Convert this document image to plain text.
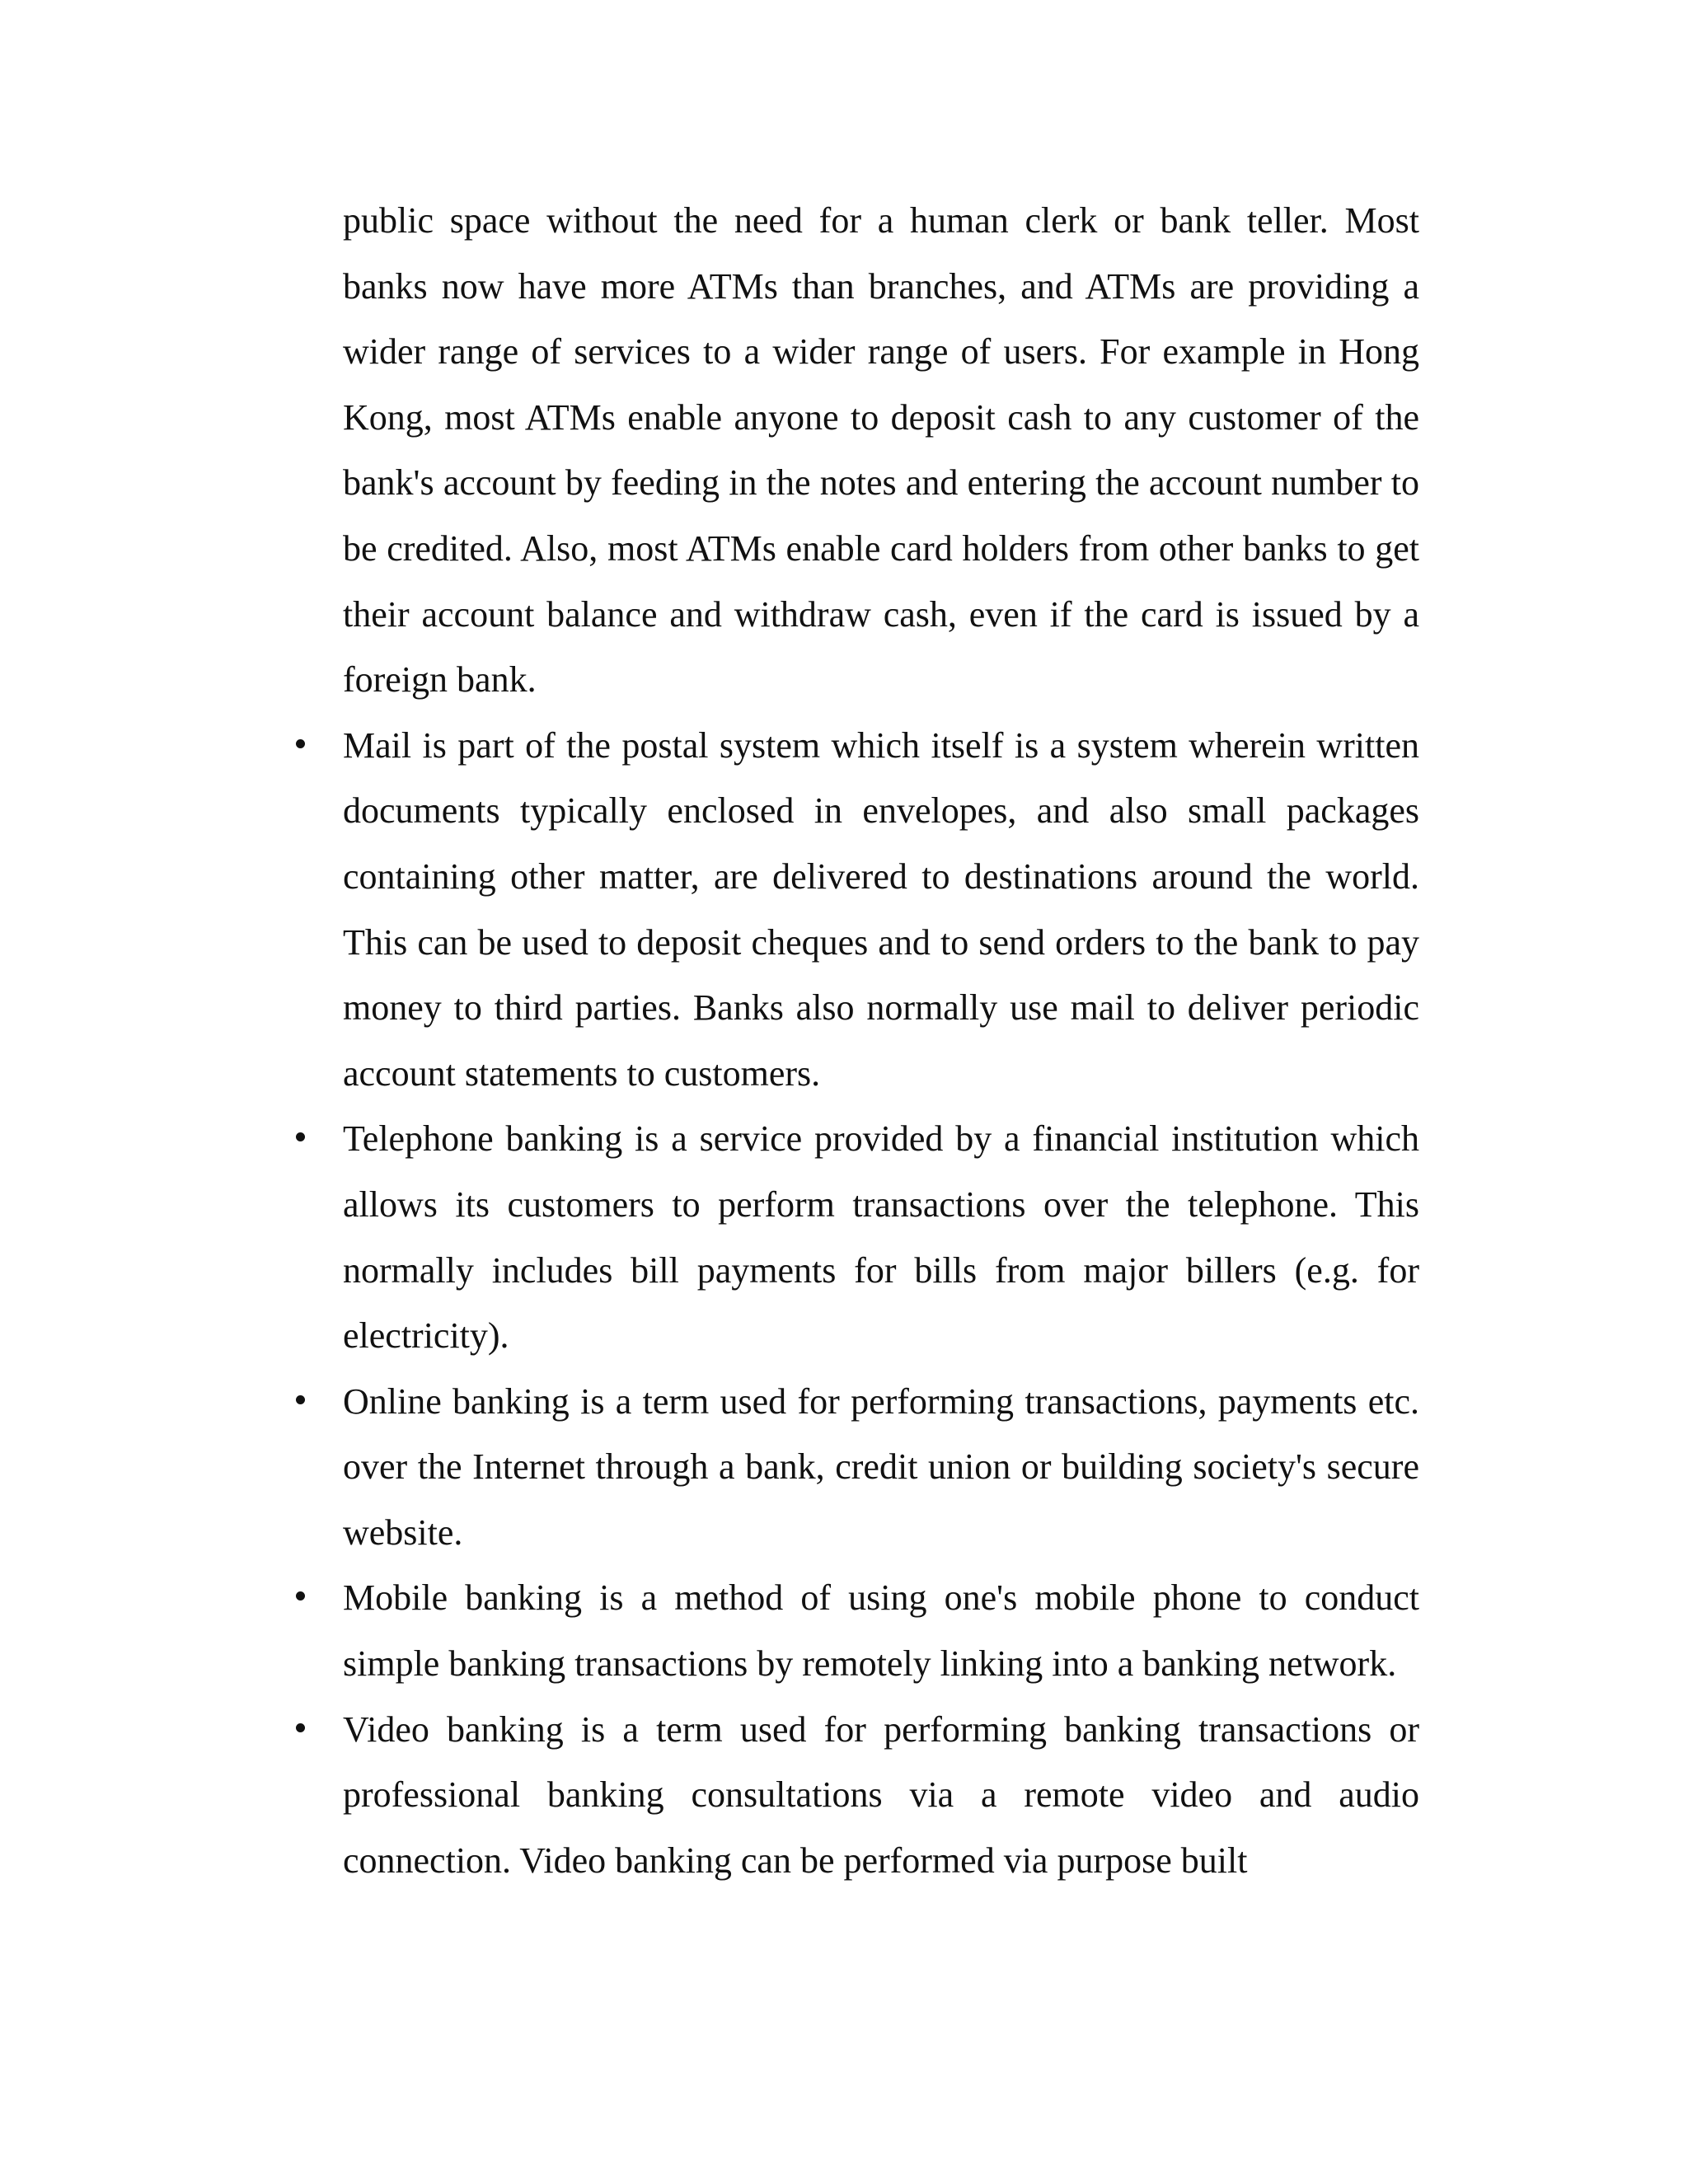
public space without the need for a human clerk or bank teller. Most banks now have more ATMs than branches, and ATMs are providing a wider range of services to a wider range of users. For example in Hong Kong, most ATMs enable anyone to deposit cash to any customer of the bank's account by feeding in the notes and entering the account number to be credited. Also, most ATMs enable card holders from other banks to get their account balance and withdraw cash, even if the card is issued by a foreign bank.

Mail is part of the postal system which itself is a system wherein written documents typically enclosed in envelopes, and also small packages containing other matter, are delivered to destinations around the world. This can be used to deposit cheques and to send orders to the bank to pay money to third parties. Banks also normally use mail to deliver periodic account statements to customers.
Telephone banking is a service provided by a financial institution which allows its customers to perform transactions over the telephone. This normally includes bill payments for bills from major billers (e.g. for electricity).
Online banking is a term used for performing transactions, payments etc. over the Internet through a bank, credit union or building society's secure website.
Mobile banking is a method of using one's mobile phone to conduct simple banking transactions by remotely linking into a banking network.
Video banking is a term used for performing banking transactions or professional banking consultations via a remote video and audio connection. Video banking can be performed via purpose built
